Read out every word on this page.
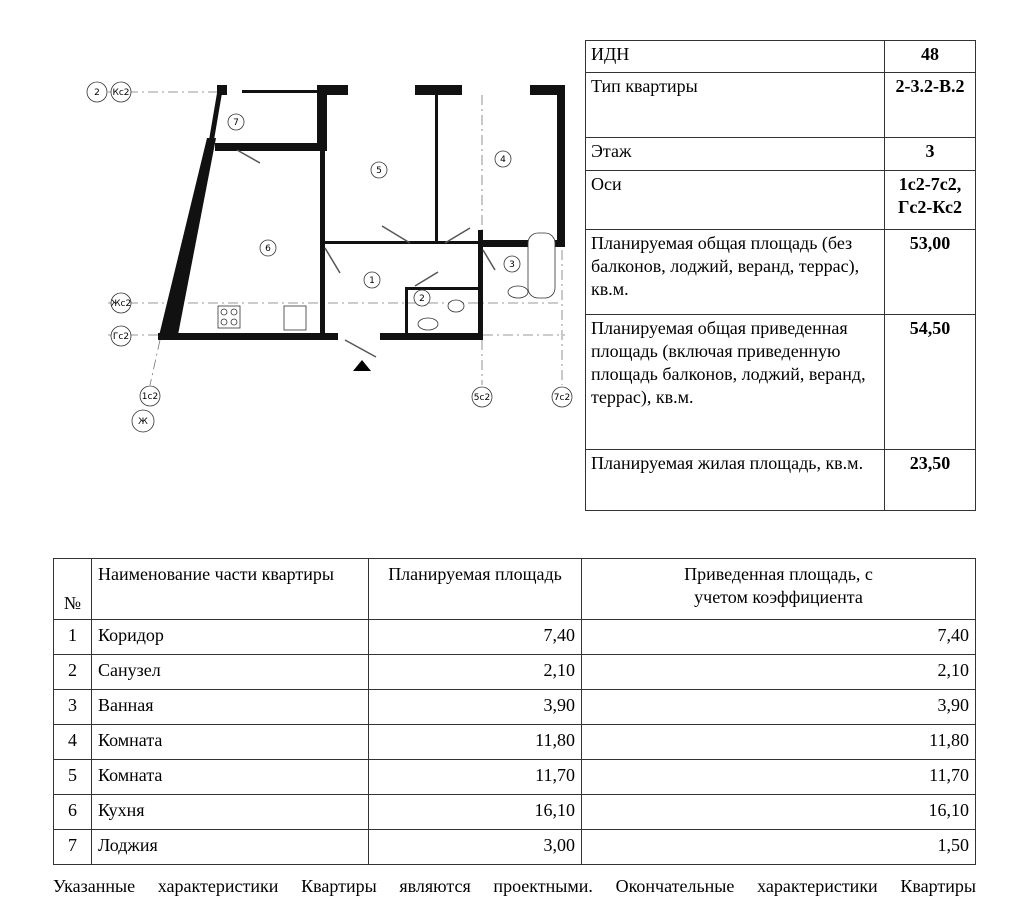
1
2
3
4
5
6
7
2 Кс2
Жс2
Гс2
1с2	5с2	7с2
Ж
ИДН	48
Тип квартиры	2-3.2-В.2
Этаж	3
Оси	1с2-7с2, Гс2-Кс2
Планируемая общая площадь (без балконов, лоджий, веранд, террас), кв.м.	53,00
Планируемая общая приведенная площадь (включая приведенную площадь балконов, лоджий, веранд, террас), кв.м.	54,50
Планируемая жилая площадь, кв.м.	23,50
№	Наименование части квартиры	Планируемая площадь	Приведенная площадь, с учетом коэффициента
1	Коридор	7,40	7,40
2	Санузел	2,10	2,10
3	Ванная	3,90	3,90
4	Комната	11,80	11,80
5	Комната	11,70	11,70
6	Кухня	16,10	16,10
7	Лоджия	3,00	1,50
Указанные характеристики Квартиры являются проектными. Окончательные характеристики Квартиры
